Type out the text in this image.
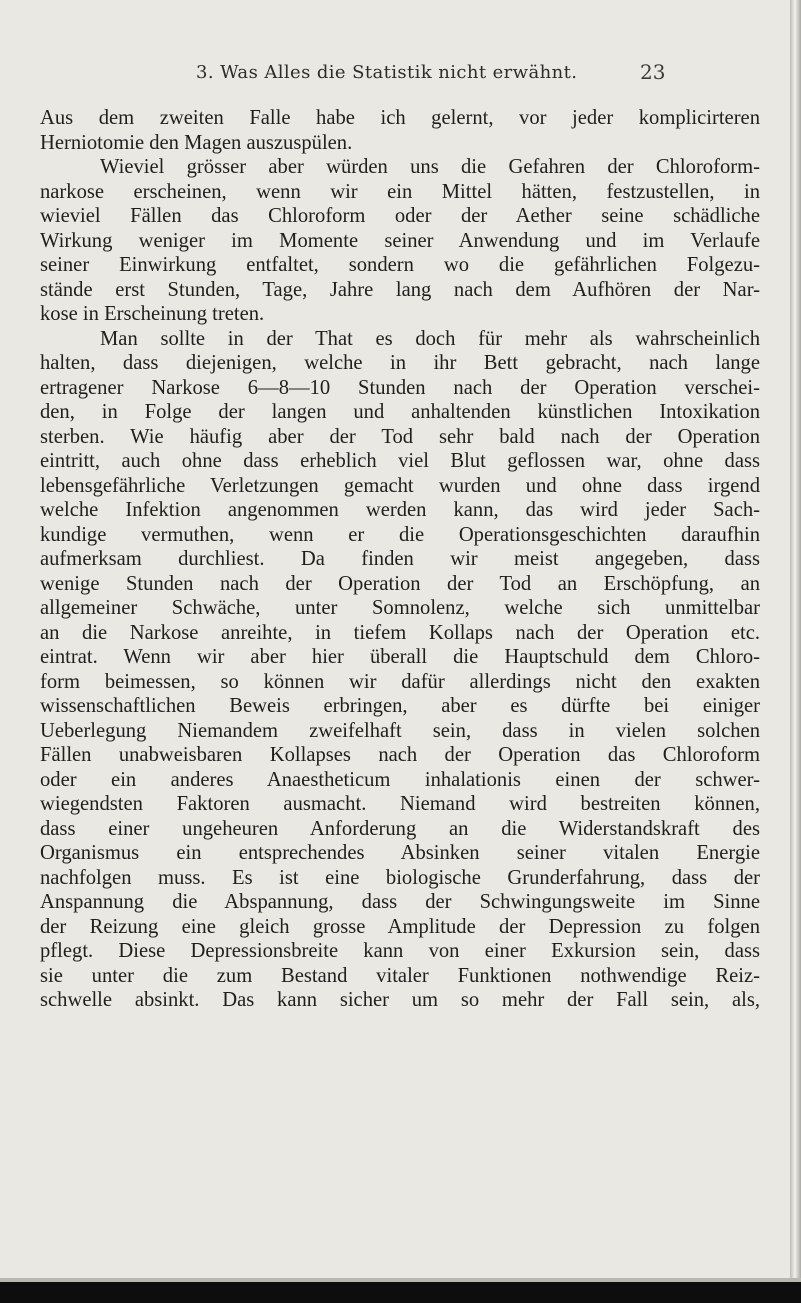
3. Was Alles die Statistik nicht erwähnt.	23
Aus dem zweiten Falle habe ich gelernt, vor jeder komplicirteren
Herniotomie den Magen auszuspülen.
Wieviel grösser aber würden uns die Gefahren der Chloroform-
narkose erscheinen, wenn wir ein Mittel hätten, festzustellen, in
wieviel Fällen das Chloroform oder der Aether seine schädliche
Wirkung weniger im Momente seiner Anwendung und im Verlaufe
seiner Einwirkung entfaltet, sondern wo die gefährlichen Folgezu-
stände erst Stunden, Tage, Jahre lang nach dem Aufhören der Nar-
kose in Erscheinung treten.
Man sollte in der That es doch für mehr als wahrscheinlich
halten, dass diejenigen, welche in ihr Bett gebracht, nach lange
ertragener Narkose 6—8—10 Stunden nach der Operation verschei-
den, in Folge der langen und anhaltenden künstlichen Intoxikation
sterben. Wie häufig aber der Tod sehr bald nach der Operation
eintritt, auch ohne dass erheblich viel Blut geflossen war, ohne dass
lebensgefährliche Verletzungen gemacht wurden und ohne dass irgend
welche Infektion angenommen werden kann, das wird jeder Sach-
kundige vermuthen, wenn er die Operationsgeschichten daraufhin
aufmerksam durchliest. Da finden wir meist angegeben, dass
wenige Stunden nach der Operation der Tod an Erschöpfung, an
allgemeiner Schwäche, unter Somnolenz, welche sich unmittelbar
an die Narkose anreihte, in tiefem Kollaps nach der Operation etc.
eintrat. Wenn wir aber hier überall die Hauptschuld dem Chloro-
form beimessen, so können wir dafür allerdings nicht den exakten
wissenschaftlichen Beweis erbringen, aber es dürfte bei einiger
Ueberlegung Niemandem zweifelhaft sein, dass in vielen solchen
Fällen unabweisbaren Kollapses nach der Operation das Chloroform
oder ein anderes Anaestheticum inhalationis einen der schwer-
wiegendsten Faktoren ausmacht. Niemand wird bestreiten können,
dass einer ungeheuren Anforderung an die Widerstandskraft des
Organismus ein entsprechendes Absinken seiner vitalen Energie
nachfolgen muss. Es ist eine biologische Grunderfahrung, dass der
Anspannung die Abspannung, dass der Schwingungsweite im Sinne
der Reizung eine gleich grosse Amplitude der Depression zu folgen
pflegt. Diese Depressionsbreite kann von einer Exkursion sein, dass
sie unter die zum Bestand vitaler Funktionen nothwendige Reiz-
schwelle absinkt. Das kann sicher um so mehr der Fall sein, als,
